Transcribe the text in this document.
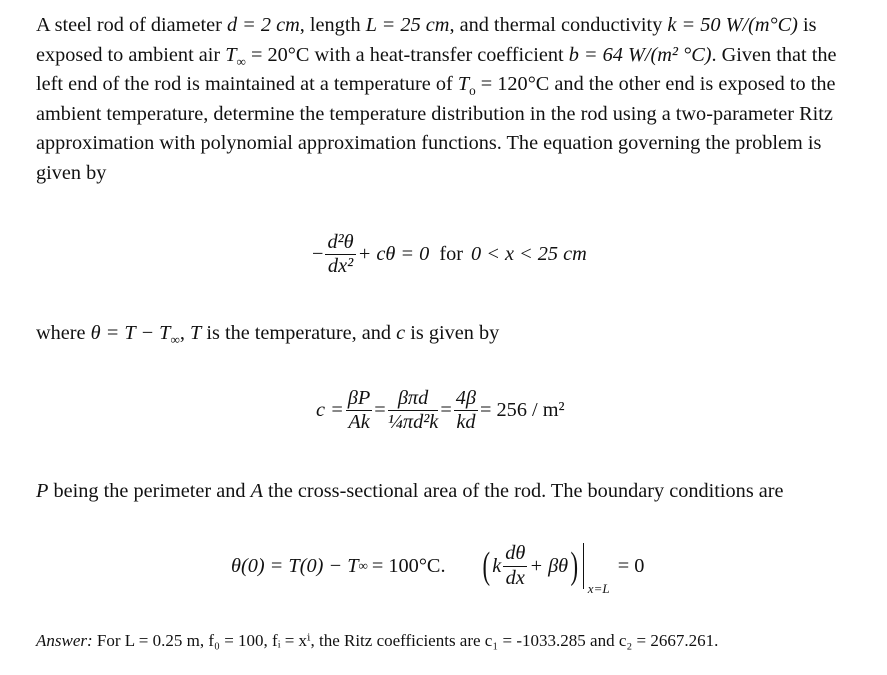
A steel rod of diameter d = 2 cm, length L = 25 cm, and thermal conductivity k = 50 W/(m°C) is exposed to ambient air $T_\infty = 20^\circ C$ with a heat-transfer coefficient b = 64 W/(m² °C). Given that the left end of the rod is maintained at a temperature of $T_o = 120^\circ C$ and the other end is exposed to the ambient temperature, determine the temperature distribution in the rod using a two-parameter Ritz approximation with polynomial approximation functions. The equation governing the problem is given by

− $\frac{\text{d²θ}}{\text{dx²}} + c\theta = 0$ for 0 < x < 25 cm
where $\theta = T - T_\infty$, T is the temperature, and c is given by
$c = \frac{\beta P}{Ak} = \frac{\text{βπd}}{\text{¼πd²k}} = \frac{4\beta}{kd} = 256 / m^2$
P being the perimeter and A the cross-sectional area of the rod. The boundary conditions are
θ(0) = T(0) − T ∞ = 100°C. ( k $\frac{d\theta}{dx} + \beta\theta$ )
x=L
= 0
Answer: For L = 0.25 m, f₀ = 100, fᵢ = xⁱ, the Ritz coefficients are c₁ = -1033.285 and c₂ = 2667.261.
